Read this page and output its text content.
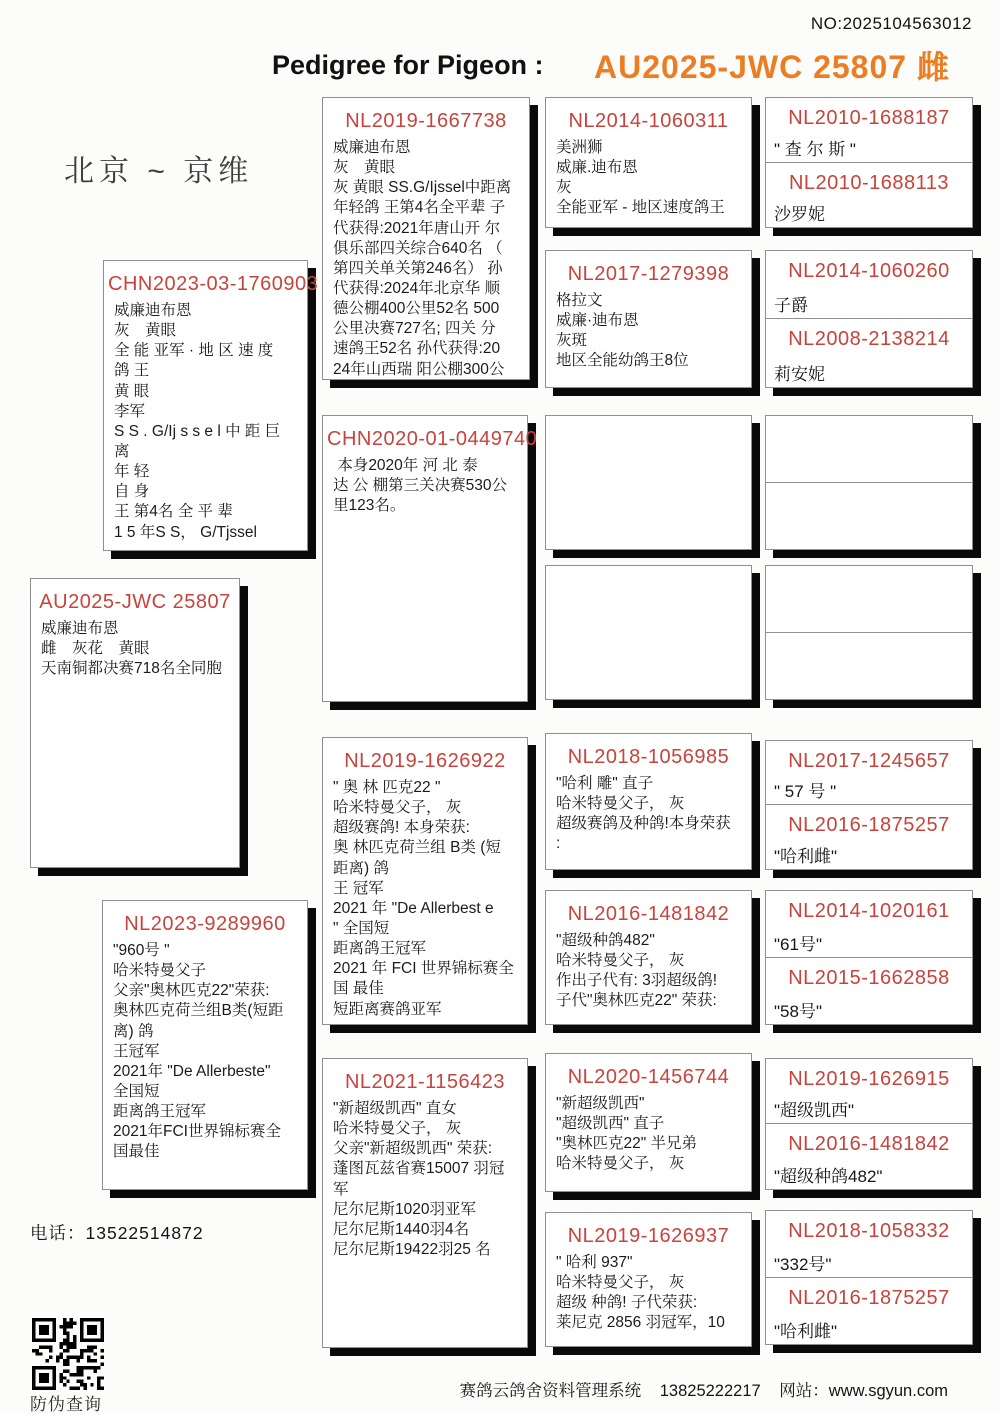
NO:2025104563012
Pedigree for Pigeon : AU2025-JWC 25807 雌
北京 ~ 京维
AU2025-JWC 25807
威廉迪布恩
雌　灰花　黄眼
天南铜都决赛718名全同胞
CHN2023-03-1760903
威廉迪布恩
灰　黄眼
全 能 亚军 · 地 区 速 度
鸽 王
黄 眼
李军
S S . G/Ij s s e l 中 距 巨 离
年 轻
自 身
王 第4名 全 平 辈
1 5 年S S， G/Tjssel
NL2023-9289960
"960号 "
哈米特曼父子
父亲"奥林匹克22"荣获:
奥林匹克荷兰组B类(短距
离) 鸽
王冠军
2021年 "De Allerbeste"
全国短
距离鸽王冠军
2021年FCI世界锦标赛全
国最佳
NL2019-1667738
威廉迪布恩
灰　黄眼
灰 黄眼 SS.G/Ijssel中距离
年轻鸽 王第4名全平辈 子
代获得:2021年唐山开 尔
俱乐部四关综合640名 （
第四关单关第246名） 孙
代获得:2024年北京华 顺
德公棚400公里52名 500
公里决赛727名; 四关 分
速鸽王52名 孙代获得:20
24年山西瑞 阳公棚300公
CHN2020-01-0449740
本身2020年 河 北 泰
达 公 棚第三关决赛530公
里123名。
NL2019-1626922
" 奥 林 匹克22 "
哈米特曼父子， 灰
超级赛鸽! 本身荣获:
奥 林匹克荷兰组 B类 (短
距离) 鸽
王 冠军
2021 年 "De Allerbest e
" 全国短
距离鸽王冠军
2021 年 FCI 世界锦标赛全
国 最佳
短距离赛鸽亚军
NL2021-1156423
"新超级凯西" 直女
哈米特曼父子， 灰
父亲"新超级凯西" 荣获:
蓬图瓦兹省赛15007 羽冠
军
尼尔尼斯1020羽亚军
尼尔尼斯1440羽4名
尼尔尼斯19422羽25 名
NL2014-1060311
美洲狮
威廉.迪布恩
灰
全能亚军 - 地区速度鸽王
NL2017-1279398
格拉文
威廉·迪布恩
灰斑
地区全能幼鸽王8位
NL2018-1056985
"哈利 雕" 直子
哈米特曼父子， 灰
超级赛鸽及种鸽!本身荣获
:
NL2016-1481842
"超级种鸽482"
哈米特曼父子， 灰
作出子代有: 3羽超级鸽!
子代"奥林匹克22" 荣获:
NL2020-1456744
"新超级凯西"
"超级凯西" 直子
"奥林匹克22" 半兄弟
哈米特曼父子， 灰
NL2019-1626937
" 哈利 937"
哈米特曼父子， 灰
超级 种鸽! 子代荣获:
莱尼克 2856 羽冠军，10
NL2010-1688187
" 查 尔 斯 "
NL2010-1688113
沙罗妮
NL2014-1060260
子爵
NL2008-2138214
莉安妮
NL2017-1245657
" 57 号 "
NL2016-1875257
"哈利雌"
NL2014-1020161
"61号"
NL2015-1662858
"58号"
NL2019-1626915
"超级凯西"
NL2016-1481842
"超级种鸽482"
NL2018-1058332
"332号"
NL2016-1875257
"哈利雌"
电话：13522514872
防伪查询
赛鸽云鸽舍资料管理系统 13825222217 网站：www.sgyun.com
